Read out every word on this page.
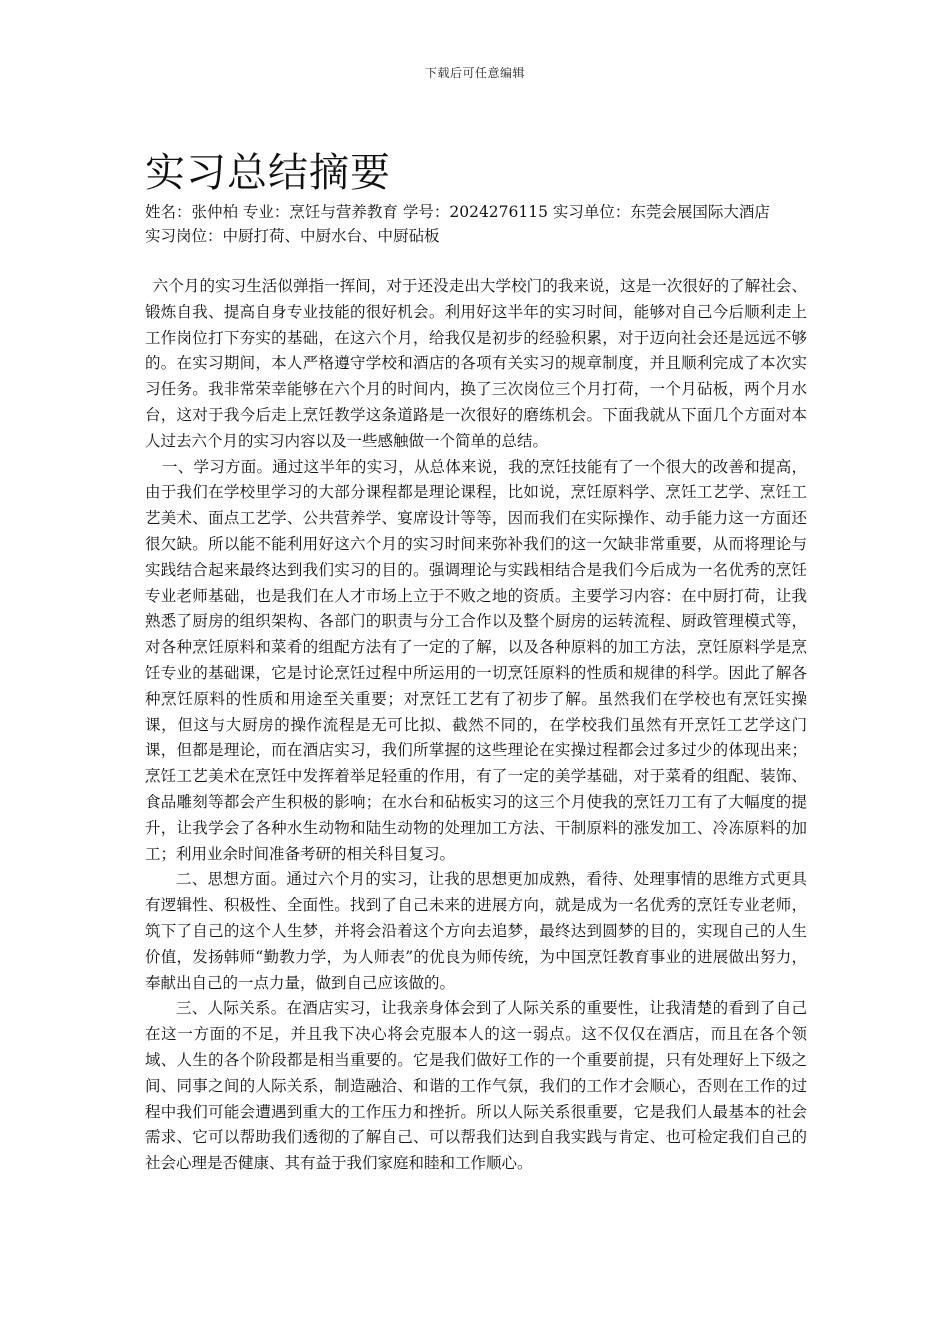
下载后可任意编辑
实习总结摘要

姓名：张仲柏 专业：烹饪与营养教育 学号：2024276115 实习单位：东莞会展国际大酒店

实习岗位：中厨打荷、中厨水台、中厨砧板

六个月的实习生活似弹指一挥间，对于还没走出大学校门的我来说，这是一次很好的了解社会、锻炼自我、提高自身专业技能的很好机会。利用好这半年的实习时间，能够对自己今后顺利走上工作岗位打下夯实的基础，在这六个月，给我仅是初步的经验积累，对于迈向社会还是远远不够的。在实习期间，本人严格遵守学校和酒店的各项有关实习的规章制度，并且顺利完成了本次实习任务。我非常荣幸能够在六个月的时间内，换了三次岗位三个月打荷，一个月砧板，两个月水台，这对于我今后走上烹饪教学这条道路是一次很好的磨练机会。下面我就从下面几个方面对本人过去六个月的实习内容以及一些感触做一个简单的总结。

一、学习方面。通过这半年的实习，从总体来说，我的烹饪技能有了一个很大的改善和提高，由于我们在学校里学习的大部分课程都是理论课程，比如说，烹饪原料学、烹饪工艺学、烹饪工艺美术、面点工艺学、公共营养学、宴席设计等等，因而我们在实际操作、动手能力这一方面还很欠缺。所以能不能利用好这六个月的实习时间来弥补我们的这一欠缺非常重要，从而将理论与实践结合起来最终达到我们实习的目的。强调理论与实践相结合是我们今后成为一名优秀的烹饪专业老师基础，也是我们在人才市场上立于不败之地的资质。主要学习内容：在中厨打荷，让我熟悉了厨房的组织架构、各部门的职责与分工合作以及整个厨房的运转流程、厨政管理模式等，对各种烹饪原料和菜肴的组配方法有了一定的了解，以及各种原料的加工方法，烹饪原料学是烹饪专业的基础课，它是讨论烹饪过程中所运用的一切烹饪原料的性质和规律的科学。因此了解各种烹饪原料的性质和用途至关重要；对烹饪工艺有了初步了解。虽然我们在学校也有烹饪实操课，但这与大厨房的操作流程是无可比拟、截然不同的，在学校我们虽然有开烹饪工艺学这门课，但都是理论，而在酒店实习，我们所掌握的这些理论在实操过程都会过多过少的体现出来；烹饪工艺美术在烹饪中发挥着举足轻重的作用，有了一定的美学基础，对于菜肴的组配、装饰、食品雕刻等都会产生积极的影响；在水台和砧板实习的这三个月使我的烹饪刀工有了大幅度的提升，让我学会了各种水生动物和陆生动物的处理加工方法、干制原料的涨发加工、冷冻原料的加工；利用业余时间准备考研的相关科目复习。

二、思想方面。通过六个月的实习，让我的思想更加成熟，看待、处理事情的思维方式更具有逻辑性、积极性、全面性。找到了自己未来的进展方向，就是成为一名优秀的烹饪专业老师，筑下了自己的这个人生梦，并将会沿着这个方向去追梦，最终达到圆梦的目的，实现自己的人生价值，发扬韩师“勤教力学，为人师表”的优良为师传统，为中国烹饪教育事业的进展做出努力，奉献出自己的一点力量，做到自己应该做的。

三、人际关系。在酒店实习，让我亲身体会到了人际关系的重要性，让我清楚的看到了自己在这一方面的不足，并且我下决心将会克服本人的这一弱点。这不仅仅在酒店，而且在各个领域、人生的各个阶段都是相当重要的。它是我们做好工作的一个重要前提，只有处理好上下级之间、同事之间的人际关系，制造融洽、和谐的工作气氛，我们的工作才会顺心，否则在工作的过程中我们可能会遭遇到重大的工作压力和挫折。所以人际关系很重要，它是我们人最基本的社会需求、它可以帮助我们透彻的了解自己、可以帮我们达到自我实践与肯定、也可检定我们自己的社会心理是否健康、其有益于我们家庭和睦和工作顺心。
